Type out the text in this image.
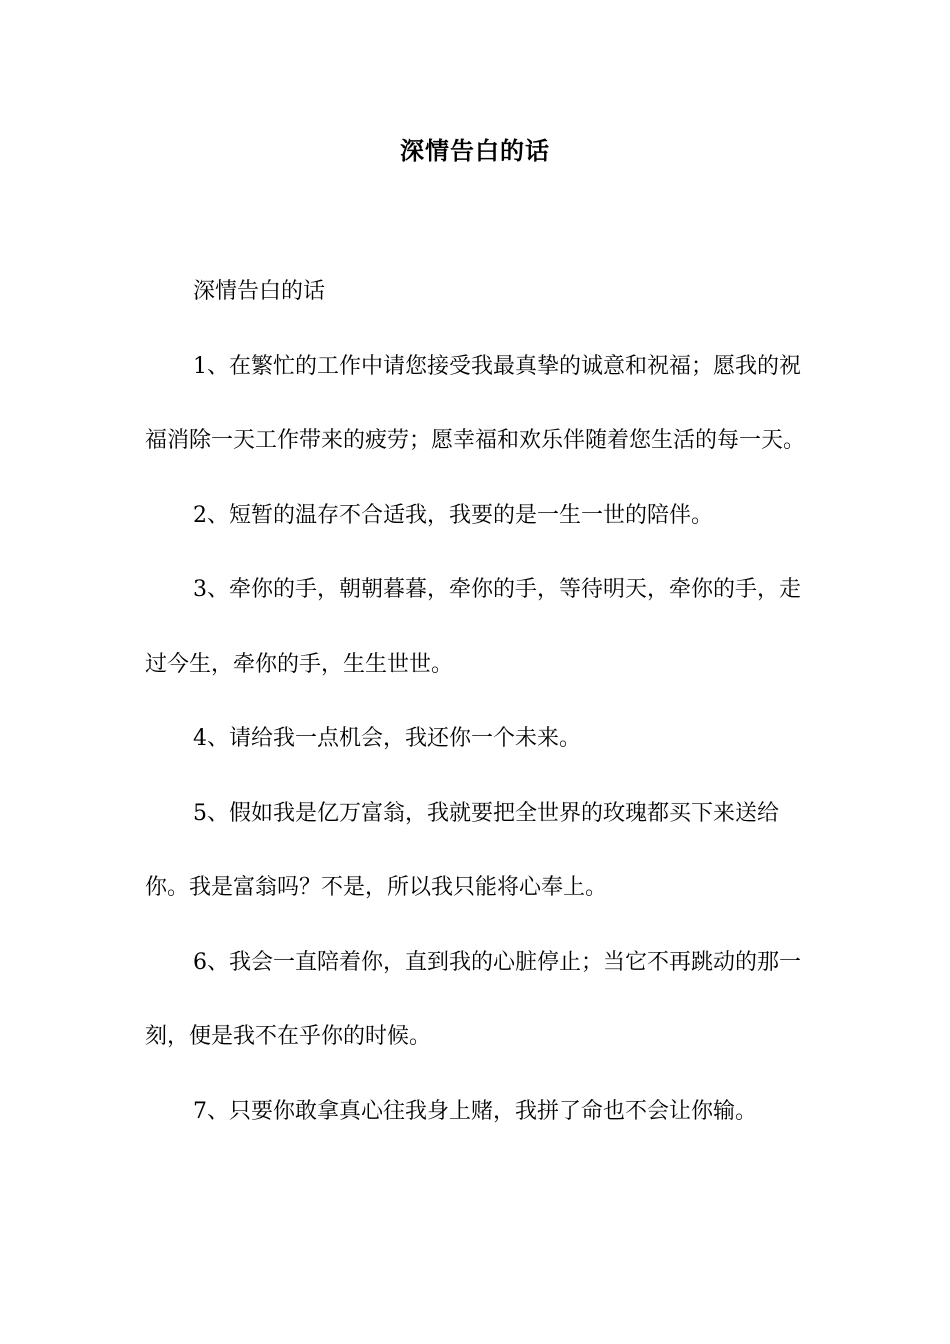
深情告白的话

深情告白的话

1、在繁忙的工作中请您接受我最真挚的诚意和祝福；愿我的祝福消除一天工作带来的疲劳；愿幸福和欢乐伴随着您生活的每一天。

2、短暂的温存不合适我，我要的是一生一世的陪伴。

3、牵你的手，朝朝暮暮，牵你的手，等待明天，牵你的手，走过今生，牵你的手，生生世世。

4、请给我一点机会，我还你一个未来。

5、假如我是亿万富翁，我就要把全世界的玫瑰都买下来送给你。我是富翁吗？不是，所以我只能将心奉上。

6、我会一直陪着你，直到我的心脏停止；当它不再跳动的那一刻，便是我不在乎你的时候。

7、只要你敢拿真心往我身上赌，我拼了命也不会让你输。
